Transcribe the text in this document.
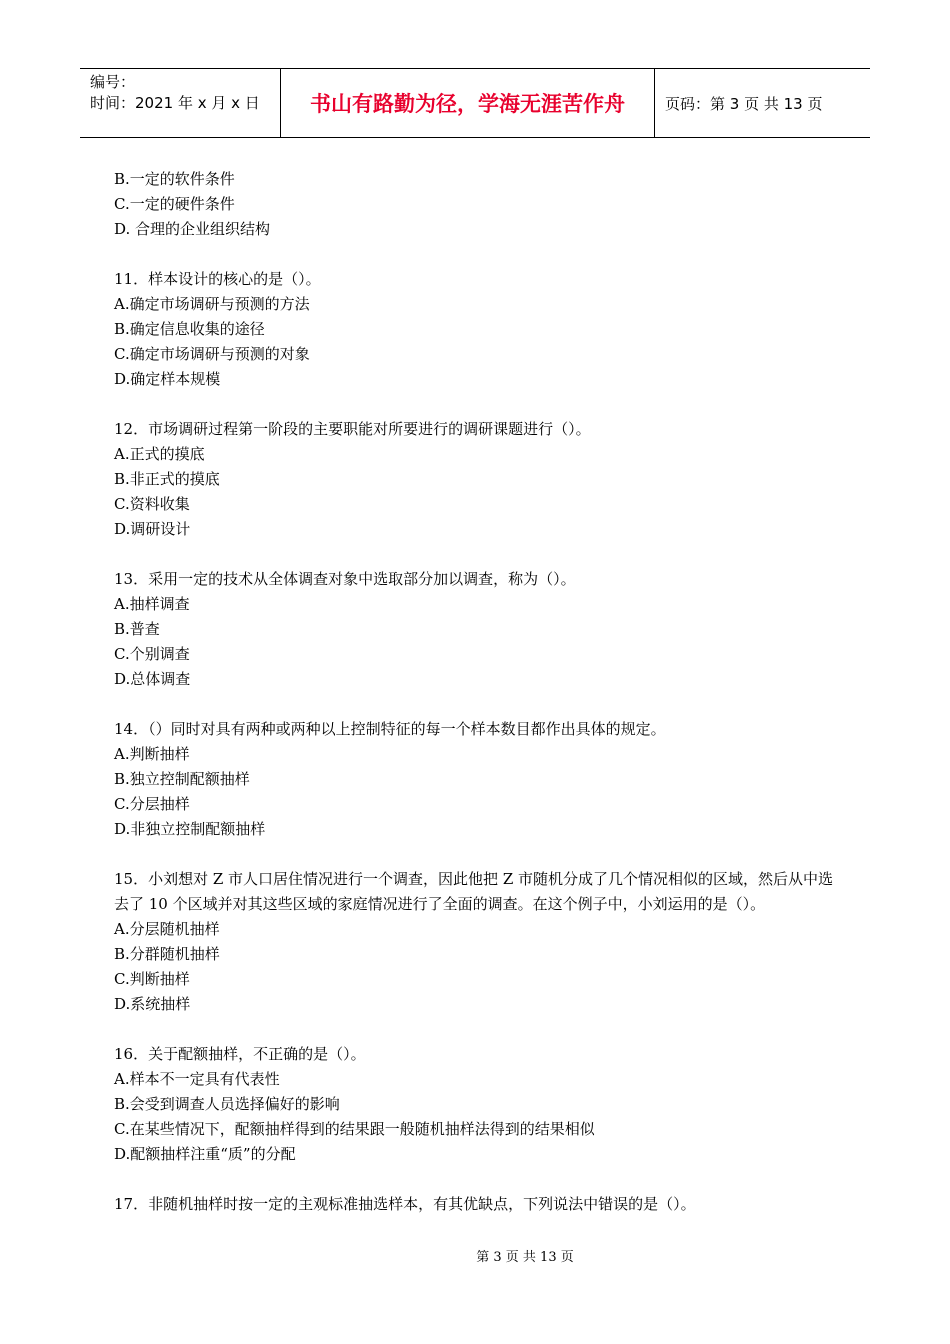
编号：
时间：2021 年 x 月 x 日	书山有路勤为径，学海无涯苦作舟	页码：第 3 页 共 13 页
B.一定的软件条件
C.一定的硬件条件
D. 合理的企业组织结构
11．样本设计的核心的是（）。
A.确定市场调研与预测的方法
B.确定信息收集的途径
C.确定市场调研与预测的对象
D.确定样本规模
12．市场调研过程第一阶段的主要职能对所要进行的调研课题进行（）。
A.正式的摸底
B.非正式的摸底
C.资料收集
D.调研设计
13．采用一定的技术从全体调查对象中选取部分加以调查，称为（）。
A.抽样调查
B.普查
C.个别调查
D.总体调查
14．（）同时对具有两种或两种以上控制特征的每一个样本数目都作出具体的规定。
A.判断抽样
B.独立控制配额抽样
C.分层抽样
D.非独立控制配额抽样
15．小刘想对 Z 市人口居住情况进行一个调查，因此他把 Z 市随机分成了几个情况相似的区域，然后从中选去了 10 个区域并对其这些区域的家庭情况进行了全面的调查。在这个例子中，小刘运用的是（）。
A.分层随机抽样
B.分群随机抽样
C.判断抽样
D.系统抽样
16．关于配额抽样，不正确的是（）。
A.样本不一定具有代表性
B.会受到调查人员选择偏好的影响
C.在某些情况下，配额抽样得到的结果跟一般随机抽样法得到的结果相似
D.配额抽样注重“质”的分配
17．非随机抽样时按一定的主观标准抽选样本，有其优缺点，下列说法中错误的是（）。
第 3 页 共 13 页
